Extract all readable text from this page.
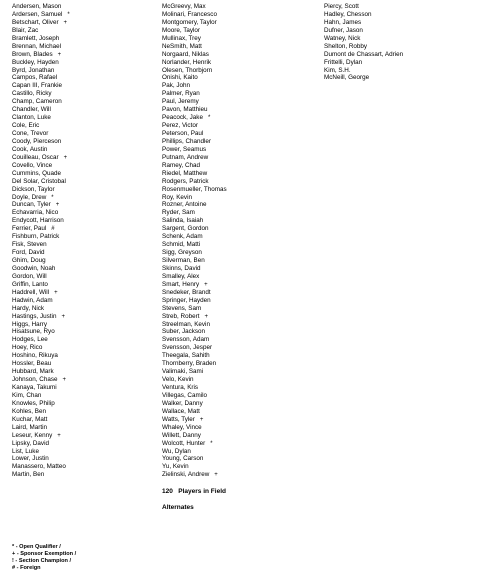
Andersen, Mason
Ardersen, Samuel *
Betschart, Oliver +
Blair, Zac
Bramlett, Joseph
Brennan, Michael
Brown, Blades +
Buckley, Hayden
Byrd, Jonathan
Campos, Rafael
Capan III, Frankie
Castillo, Ricky
Champ, Cameron
Chandler, Will
Clanton, Luke
Cole, Eric
Cone, Trevor
Coody, Pierceson
Cook, Austin
Couilleau, Oscar +
Covello, Vince
Cummins, Quade
Del Solar, Cristobal
Dickson, Taylor
Doyle, Drew *
Duncan, Tyler +
Echavarria, Nico
Endycott, Harrison
Ferrier, Paul #
Fishburn, Patrick
Fisk, Steven
Ford, David
Ghim, Doug
Goodwin, Noah
Gordon, Will
Griffin, Lanto
Haddrell, Will +
Hadwin, Adam
Hardy, Nick
Hastings, Justin +
Higgs, Harry
Hisatsune, Ryo
Hodges, Lee
Hoey, Rico
Hoshino, Rikuya
Hossler, Beau
Hubbard, Mark
Johnson, Chase +
Kanaya, Takumi
Kim, Chan
Knowles, Philip
Kohles, Ben
Kuchar, Matt
Laird, Martin
Leseur, Kenny +
Lipsky, David
List, Luke
Lower, Justin
Manassero, Matteo
Martin, Ben
McGreevy, Max
Molinari, Francesco
Montgomery, Taylor
Moore, Taylor
Mullinax, Trey
NeSmith, Matt
Norgaard, Niklas
Norlander, Henrik
Olesen, Thorbjorn
Onishi, Kaito
Pak, John
Palmer, Ryan
Paul, Jeremy
Pavon, Matthieu
Peacock, Jake *
Perez, Victor
Peterson, Paul
Phillips, Chandler
Power, Seamus
Putnam, Andrew
Ramey, Chad
Riedel, Matthew
Rodgers, Patrick
Rosenmueller, Thomas
Roy, Kevin
Rozner, Antoine
Ryder, Sam
Salinda, Isaiah
Sargent, Gordon
Schenk, Adam
Schmid, Matti
Sigg, Greyson
Silverman, Ben
Skinns, David
Smalley, Alex
Smart, Henry +
Snedeker, Brandt
Springer, Hayden
Stevens, Sam
Streb, Robert +
Streelman, Kevin
Suber, Jackson
Svensson, Adam
Svensson, Jesper
Theegala, Sahith
Thornberry, Braden
Valimaki, Sami
Velo, Kevin
Ventura, Kris
Villegas, Camilo
Walker, Danny
Wallace, Matt
Watts, Tyler +
Whaley, Vince
Willett, Danny
Wolcott, Hunter *
Wu, Dylan
Young, Carson
Yu, Kevin
Zielinski, Andrew +
120 Players in Field
Alternates
Piercy, Scott
Hadley, Chesson
Hahn, James
Dufner, Jason
Watney, Nick
Shelton, Robby
Dumont de Chassart, Adrien
Frittelli, Dylan
Kim, S.H.
McNeill, George
* - Open Qualifier /
+ - Sponsor Exemption /
! - Section Champion /
# - Foreign
